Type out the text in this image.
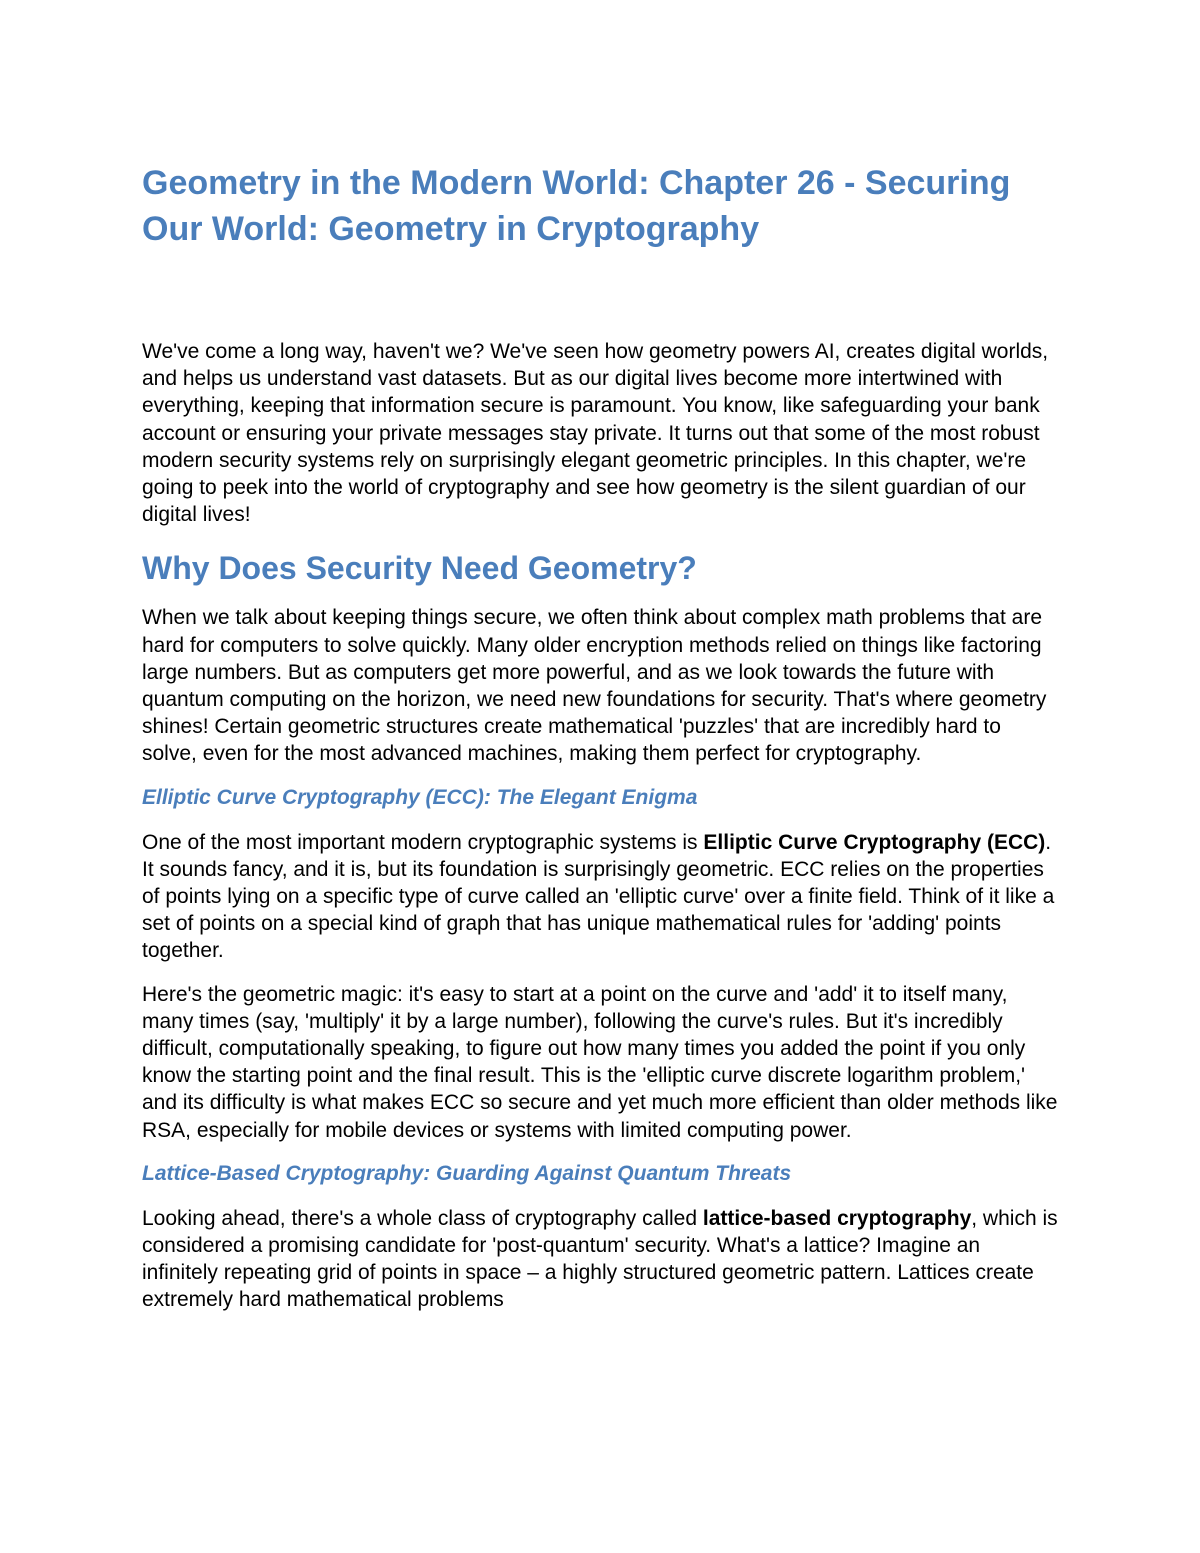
Geometry in the Modern World: Chapter 26 - Securing Our World: Geometry in Cryptography

We've come a long way, haven't we? We've seen how geometry powers AI, creates digital worlds, and helps us understand vast datasets. But as our digital lives become more intertwined with everything, keeping that information secure is paramount. You know, like safeguarding your bank account or ensuring your private messages stay private. It turns out that some of the most robust modern security systems rely on surprisingly elegant geometric principles. In this chapter, we're going to peek into the world of cryptography and see how geometry is the silent guardian of our digital lives!

Why Does Security Need Geometry?

When we talk about keeping things secure, we often think about complex math problems that are hard for computers to solve quickly. Many older encryption methods relied on things like factoring large numbers. But as computers get more powerful, and as we look towards the future with quantum computing on the horizon, we need new foundations for security. That's where geometry shines! Certain geometric structures create mathematical 'puzzles' that are incredibly hard to solve, even for the most advanced machines, making them perfect for cryptography.

Elliptic Curve Cryptography (ECC): The Elegant Enigma

One of the most important modern cryptographic systems is Elliptic Curve Cryptography (ECC). It sounds fancy, and it is, but its foundation is surprisingly geometric. ECC relies on the properties of points lying on a specific type of curve called an 'elliptic curve' over a finite field. Think of it like a set of points on a special kind of graph that has unique mathematical rules for 'adding' points together.

Here's the geometric magic: it's easy to start at a point on the curve and 'add' it to itself many, many times (say, 'multiply' it by a large number), following the curve's rules. But it's incredibly difficult, computationally speaking, to figure out how many times you added the point if you only know the starting point and the final result. This is the 'elliptic curve discrete logarithm problem,' and its difficulty is what makes ECC so secure and yet much more efficient than older methods like RSA, especially for mobile devices or systems with limited computing power.

Lattice-Based Cryptography: Guarding Against Quantum Threats

Looking ahead, there's a whole class of cryptography called lattice-based cryptography, which is considered a promising candidate for 'post-quantum' security. What's a lattice? Imagine an infinitely repeating grid of points in space – a highly structured geometric pattern. Lattices create extremely hard mathematical problems
